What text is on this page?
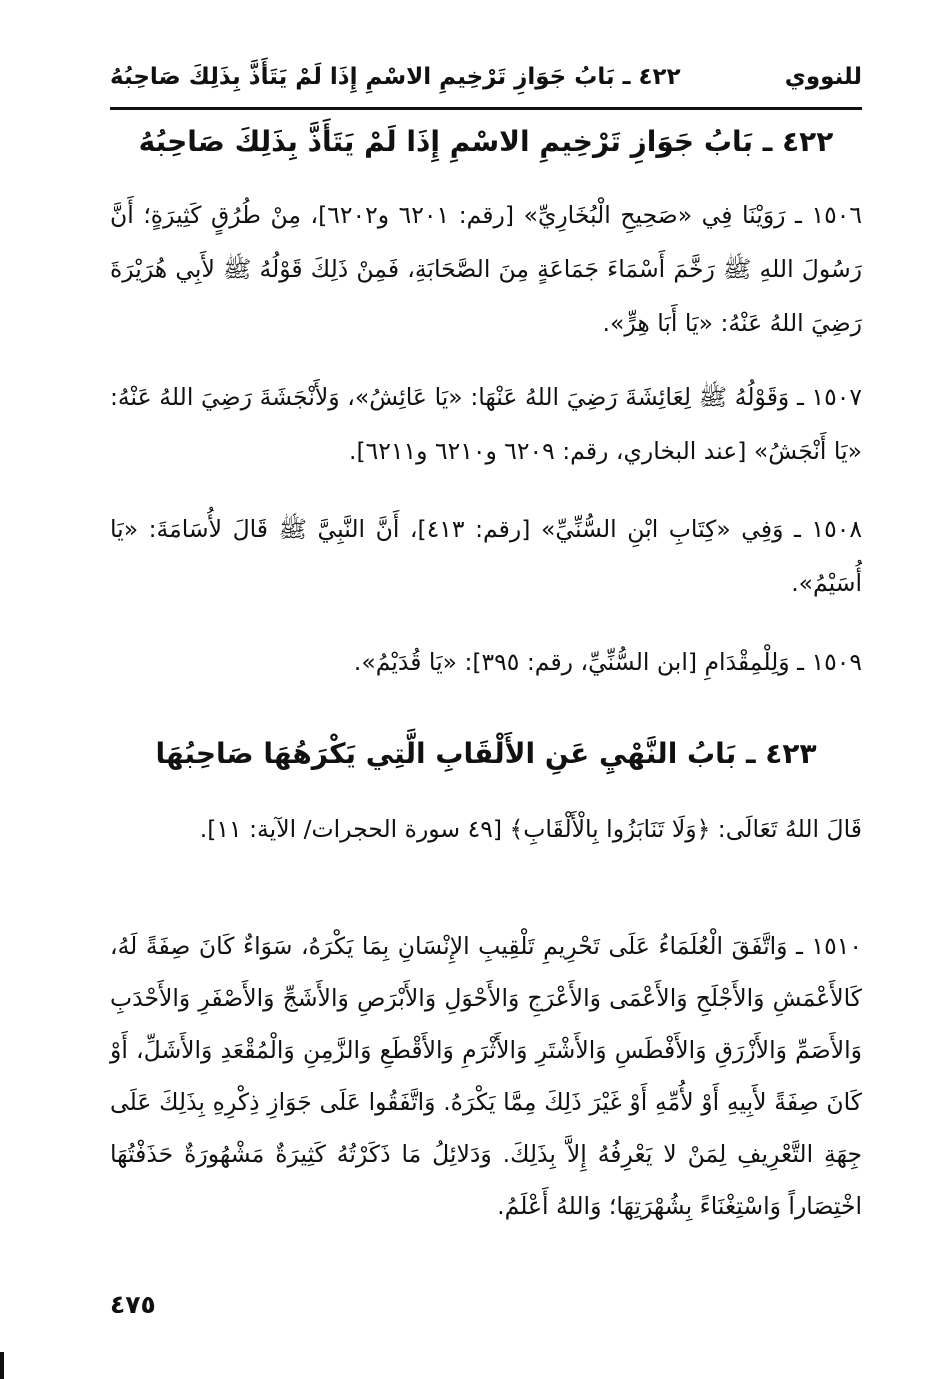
للنووي
٤٢٢ ـ بَابُ جَوَازِ تَرْخِيمِ الاسْمِ إِذَا لَمْ يَتَأَذَّ بِذَلِكَ صَاحِبُهُ
٤٢٢ ـ بَابُ جَوَازِ تَرْخِيمِ الاسْمِ إِذَا لَمْ يَتَأَذَّ بِذَلِكَ صَاحِبُهُ
١٥٠٦ ـ رَوَيْنَا فِي «صَحِيحِ الْبُخَارِيِّ» [رقم: ٦٢٠١ و٦٢٠٢]، مِنْ طُرُقٍ كَثِيرَةٍ؛ أَنَّ رَسُولَ اللهِ ﷺ رَخَّمَ أَسْمَاءَ جَمَاعَةٍ مِنَ الصَّحَابَةِ، فَمِنْ ذَلِكَ قَوْلُهُ ﷺ لأَبِي هُرَيْرَةَ رَضِيَ اللهُ عَنْهُ: «يَا أَبَا هِرٍّ».
١٥٠٧ ـ وَقَوْلُهُ ﷺ لِعَائِشَةَ رَضِيَ اللهُ عَنْهَا: «يَا عَائِشُ»، وَلأَنْجَشَةَ رَضِيَ اللهُ عَنْهُ: «يَا أَنْجَشُ» [عند البخاري، رقم: ٦٢٠٩ و٦٢١٠ و٦٢١١].
١٥٠٨ ـ وَفِي «كِتَابِ ابْنِ السُّنِّيِّ» [رقم: ٤١٣]، أَنَّ النَّبِيَّ ﷺ قَالَ لأُسَامَةَ: «يَا أُسَيْمُ».
١٥٠٩ ـ وَلِلْمِقْدَامِ [ابن السُّنِّيِّ، رقم: ٣٩٥]: «يَا قُدَيْمُ».
٤٢٣ ـ بَابُ النَّهْيِ عَنِ الأَلْقَابِ الَّتِي يَكْرَهُهَا صَاحِبُهَا
قَالَ اللهُ تَعَالَى: ﴿وَلَا تَنَابَزُوا بِالْأَلْقَابِ﴾ [٤٩ سورة الحجرات/ الآية: ١١].
١٥١٠ ـ وَاتَّفَقَ الْعُلَمَاءُ عَلَى تَحْرِيمِ تَلْقِيبِ الإِنْسَانِ بِمَا يَكْرَهُ، سَوَاءٌ كَانَ صِفَةً لَهُ، كَالأَعْمَشِ وَالأَجْلَحِ وَالأَعْمَى وَالأَعْرَجِ وَالأَحْوَلِ وَالأَبْرَصِ وَالأَشَجِّ وَالأَصْفَرِ وَالأَحْدَبِ وَالأَصَمِّ وَالأَزْرَقِ وَالأَفْطَسِ وَالأَشْتَرِ وَالأَثْرَمِ وَالأَقْطَعِ وَالزَّمِنِ وَالْمُقْعَدِ وَالأَشَلِّ، أَوْ كَانَ صِفَةً لأَبِيهِ أَوْ لأُمِّهِ أَوْ غَيْرَ ذَلِكَ مِمَّا يَكْرَهُ. وَاتَّفَقُوا عَلَى جَوَازِ ذِكْرِهِ بِذَلِكَ عَلَى جِهَةِ التَّعْرِيفِ لِمَنْ لا يَعْرِفُهُ إِلاَّ بِذَلِكَ. وَدَلائِلُ مَا ذَكَرْتُهُ كَثِيرَةٌ مَشْهُورَةٌ حَذَفْتُهَا اخْتِصَاراً وَاسْتِغْنَاءً بِشُهْرَتِهَا؛ وَاللهُ أَعْلَمُ.
٤٧٥
